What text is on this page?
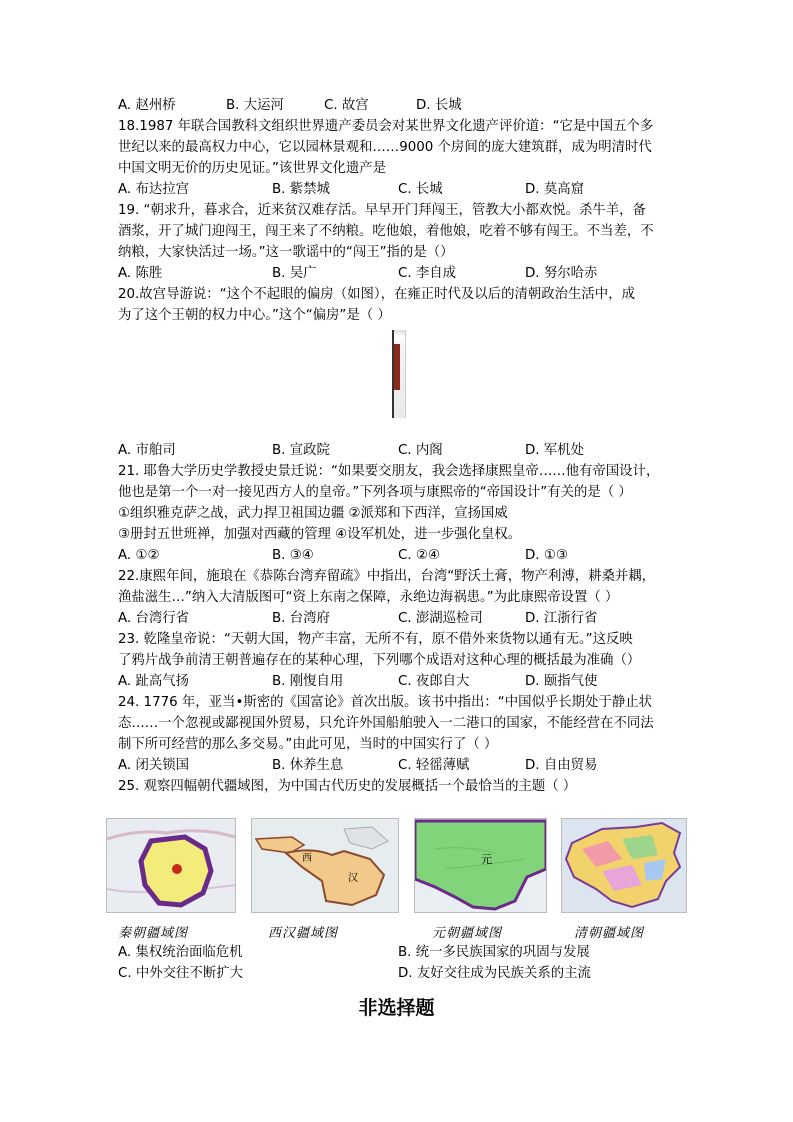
A. 赵州桥	B. 大运河	C. 故宫	D. 长城
18.1987 年联合国教科文组织世界遗产委员会对某世界文化遗产评价道：“它是中国五个多
世纪以来的最高权力中心，它以园林景观和……9000 个房间的庞大建筑群，成为明清时代
中国文明无价的历史见证。”该世界文化遗产是
A. 布达拉宫	B. 紫禁城	C. 长城	D. 莫高窟
19. “朝求升，暮求合，近来贫汉难存活。早早开门拜闯王，管教大小都欢悦。杀牛羊，备
酒浆，开了城门迎闯王，闯王来了不纳粮。吃他娘，着他娘，吃着不够有闯王。不当差，不
纳粮，大家快活过一场。”这一歌谣中的“闯王”指的是（）
A. 陈胜	B. 吴广	C. 李自成	D. 努尔哈赤
20.故宫导游说：“这个不起眼的偏房（如图），在雍正时代及以后的清朝政治生活中，成
为了这个王朝的权力中心。”这个“偏房”是（ ）
A. 市舶司	B. 宣政院	C. 内阁	D. 军机处
21. 耶鲁大学历史学教授史景迁说：“如果要交朋友，我会选择康熙皇帝……他有帝国设计，
他也是第一个一对一接见西方人的皇帝。”下列各项与康熙帝的“帝国设计”有关的是（ ）
①组织雅克萨之战，武力捍卫祖国边疆 ②派郑和下西洋，宣扬国威
③册封五世班禅，加强对西藏的管理 ④设军机处，进一步强化皇权。
A. ①②	B. ③④	C. ②④	D. ①③
22.康熙年间，施琅在《恭陈台湾弃留疏》中指出，台湾“野沃土膏，物产利溥，耕桑并耦，
渔盐滋生…”纳入大清版图可“资上东南之保障，永绝边海祸患。”为此康熙帝设置（ ）
A. 台湾行省	B. 台湾府	C. 澎湖巡检司	D. 江浙行省
23. 乾隆皇帝说：“天朝大国，物产丰富，无所不有，原不借外来货物以通有无。”这反映
了鸦片战争前清王朝普遍存在的某种心理，下列哪个成语对这种心理的概括最为准确（）
A. 趾高气扬	B. 刚愎自用	C. 夜郎自大	D. 颐指气使
24. 1776 年，亚当•斯密的《国富论》首次出版。该书中指出：“中国似乎长期处于静止状
态……一个忽视或鄙视国外贸易，只允许外国船舶驶入一二港口的国家，不能经营在不同法
制下所可经营的那么多交易。”由此可见，当时的中国实行了（ ）
A. 闭关锁国	B. 休养生息	C. 轻徭薄赋	D. 自由贸易
25. 观察四幅朝代疆域图，为中国古代历史的发展概括一个最恰当的主题（ ）
西
汉
元
秦朝疆域图	西汉疆域图	元朝疆域图	清朝疆域图
A. 集权统治面临危机	B. 统一多民族国家的巩固与发展
C. 中外交往不断扩大	D. 友好交往成为民族关系的主流
非选择题
